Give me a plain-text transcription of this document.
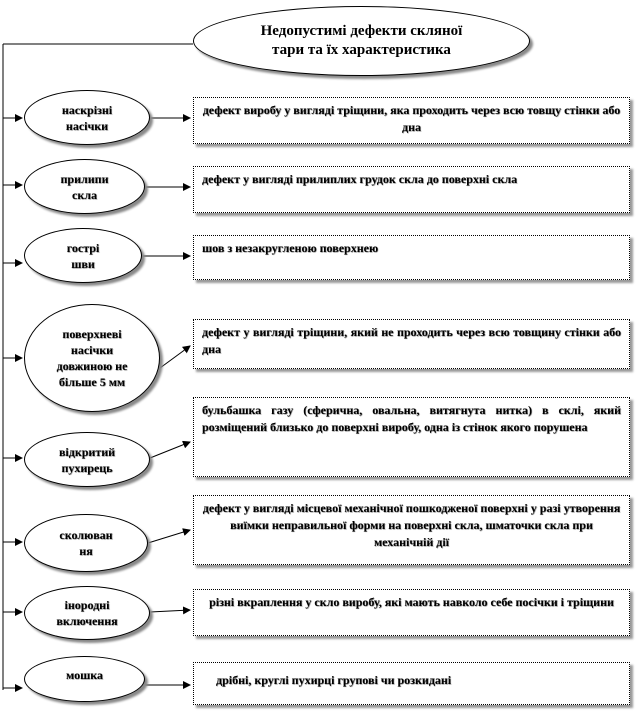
Недопустимі дефекти скляної
тари та їх характеристика
наскрізні
насічки
прилипи
скла
гострі
шви
поверхневі
насічки
довжиною не
більше 5 мм
відкритий
пухирець
сколюван
ня
інородні
включення
мошка
дефект виробу у вигляді тріщини, яка проходить через всю товщу стінки або дна
дефект у вигляді прилиплих грудок скла до поверхні скла
шов з незакругленою поверхнею
дефект у вигляді тріщини, який не проходить через всю товщину стінки або дна
бульбашка газу (сферична, овальна, витягнута нитка) в склі, який розміщений близько до поверхні виробу, одна із стінок якого порушена
дефект у вигляді місцевої механічної пошкодженої поверхні у разі утворення виїмки неправильної форми на поверхні скла, шматочки скла при механічній дії
різні вкраплення у скло виробу, які мають навколо себе посічки і тріщини
дрібні, круглі пухирці групові чи розкидані
